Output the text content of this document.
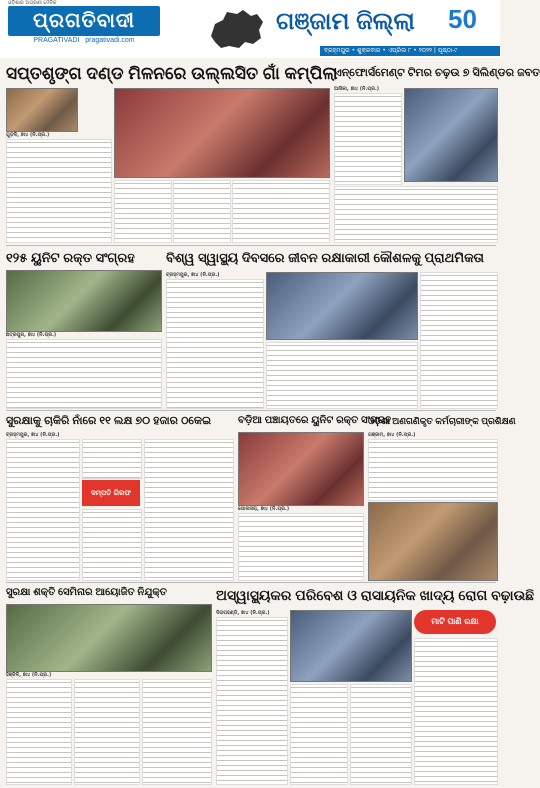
ଓଡ଼ିଶାର ଅଗ୍ରଣୀ ଦୈନିକ
ପ୍ରଗତିବାଦୀ
PRAGATIVADI pragativadi.com
ଗଞ୍ଜାମ ଜିଲ୍ଲା 50
ବ୍ରହ୍ମପୁର • ଶୁକ୍ରବାର • ଏପ୍ରିଲ ୮ • ୨୦୨୨ | ପୃଷ୍ଠା-୯
ସପ୍ତଶୃଙ୍ଗ ଦଣ୍ଡ ମିଳନରେ ଉଲ୍ଲସିତ ଗାଁ କମ୍ପିଲା
ଗୁଡ଼ଳି, ୭ା୪ (ନି.ପ୍ର.)
ଏନ୍‌ଫୋର୍ସମେଣ୍ଟ ଟିମର ଚଢ଼ଉ ୭ ସିଲିଣ୍ଡର ଜବତ
ଆସିକା, ୭ା୪ (ନି.ପ୍ର.)
୧୨୫ ୟୁନିଟ ରକ୍ତ ସଂଗ୍ରହ
ଛତ୍ରପୁର, ୭ା୪ (ନି.ପ୍ର.)
ବିଶ୍ୱ ସ୍ୱାସ୍ଥ୍ୟ ଦିବସରେ ଜୀବନ ରକ୍ଷାକାରୀ କୌଶଳକୁ ପ୍ରାଥମିକତା
ବ୍ରହ୍ମପୁର, ୭ା୪ (ନି.ପ୍ର.)
ସୁରକ୍ଷାକୁ ଚାକିରି ନାଁରେ ୧୧ ଲକ୍ଷ ୭୦ ହଜାର ଠକେଇ
ବ୍ରହ୍ମପୁର, ୭ା୪ (ନି.ପ୍ର.)
ଦମ୍ପତି ଗିରଫ
ବଡ଼ିଆ ପଞ୍ଚାୟତରେ ୟୁନିଟ ରକ୍ତ ସଂଗ୍ରହ
ପୋଲସରା, ୭ା୪ (ନି.ପ୍ର.)
ଓଡ଼ିଶା ଅଣଗଣିକୃତ କର୍ମଚାରୀଙ୍କ ପ୍ରଶିକ୍ଷଣ
ଗଞ୍ଜାମ, ୭ା୪ (ନି.ପ୍ର.)
ସୁରକ୍ଷା ଶକ୍ତି ସେମିନାର ଆୟୋଜିତ ନିଯୁକ୍ତ
ହିଞ୍ଜିଳି, ୭ା୪ (ନି.ପ୍ର.)
ଅସ୍ୱାସ୍ଥ୍ୟକର ପରିବେଶ ଓ ରାସାୟନିକ ଖାଦ୍ୟ ରୋଗ ବଢ଼ାଉଛି
ଦିଗପହଣ୍ଡି, ୭ା୪ (ନି.ପ୍ର.)
ମାଟି ପାଣି ରକ୍ଷା
